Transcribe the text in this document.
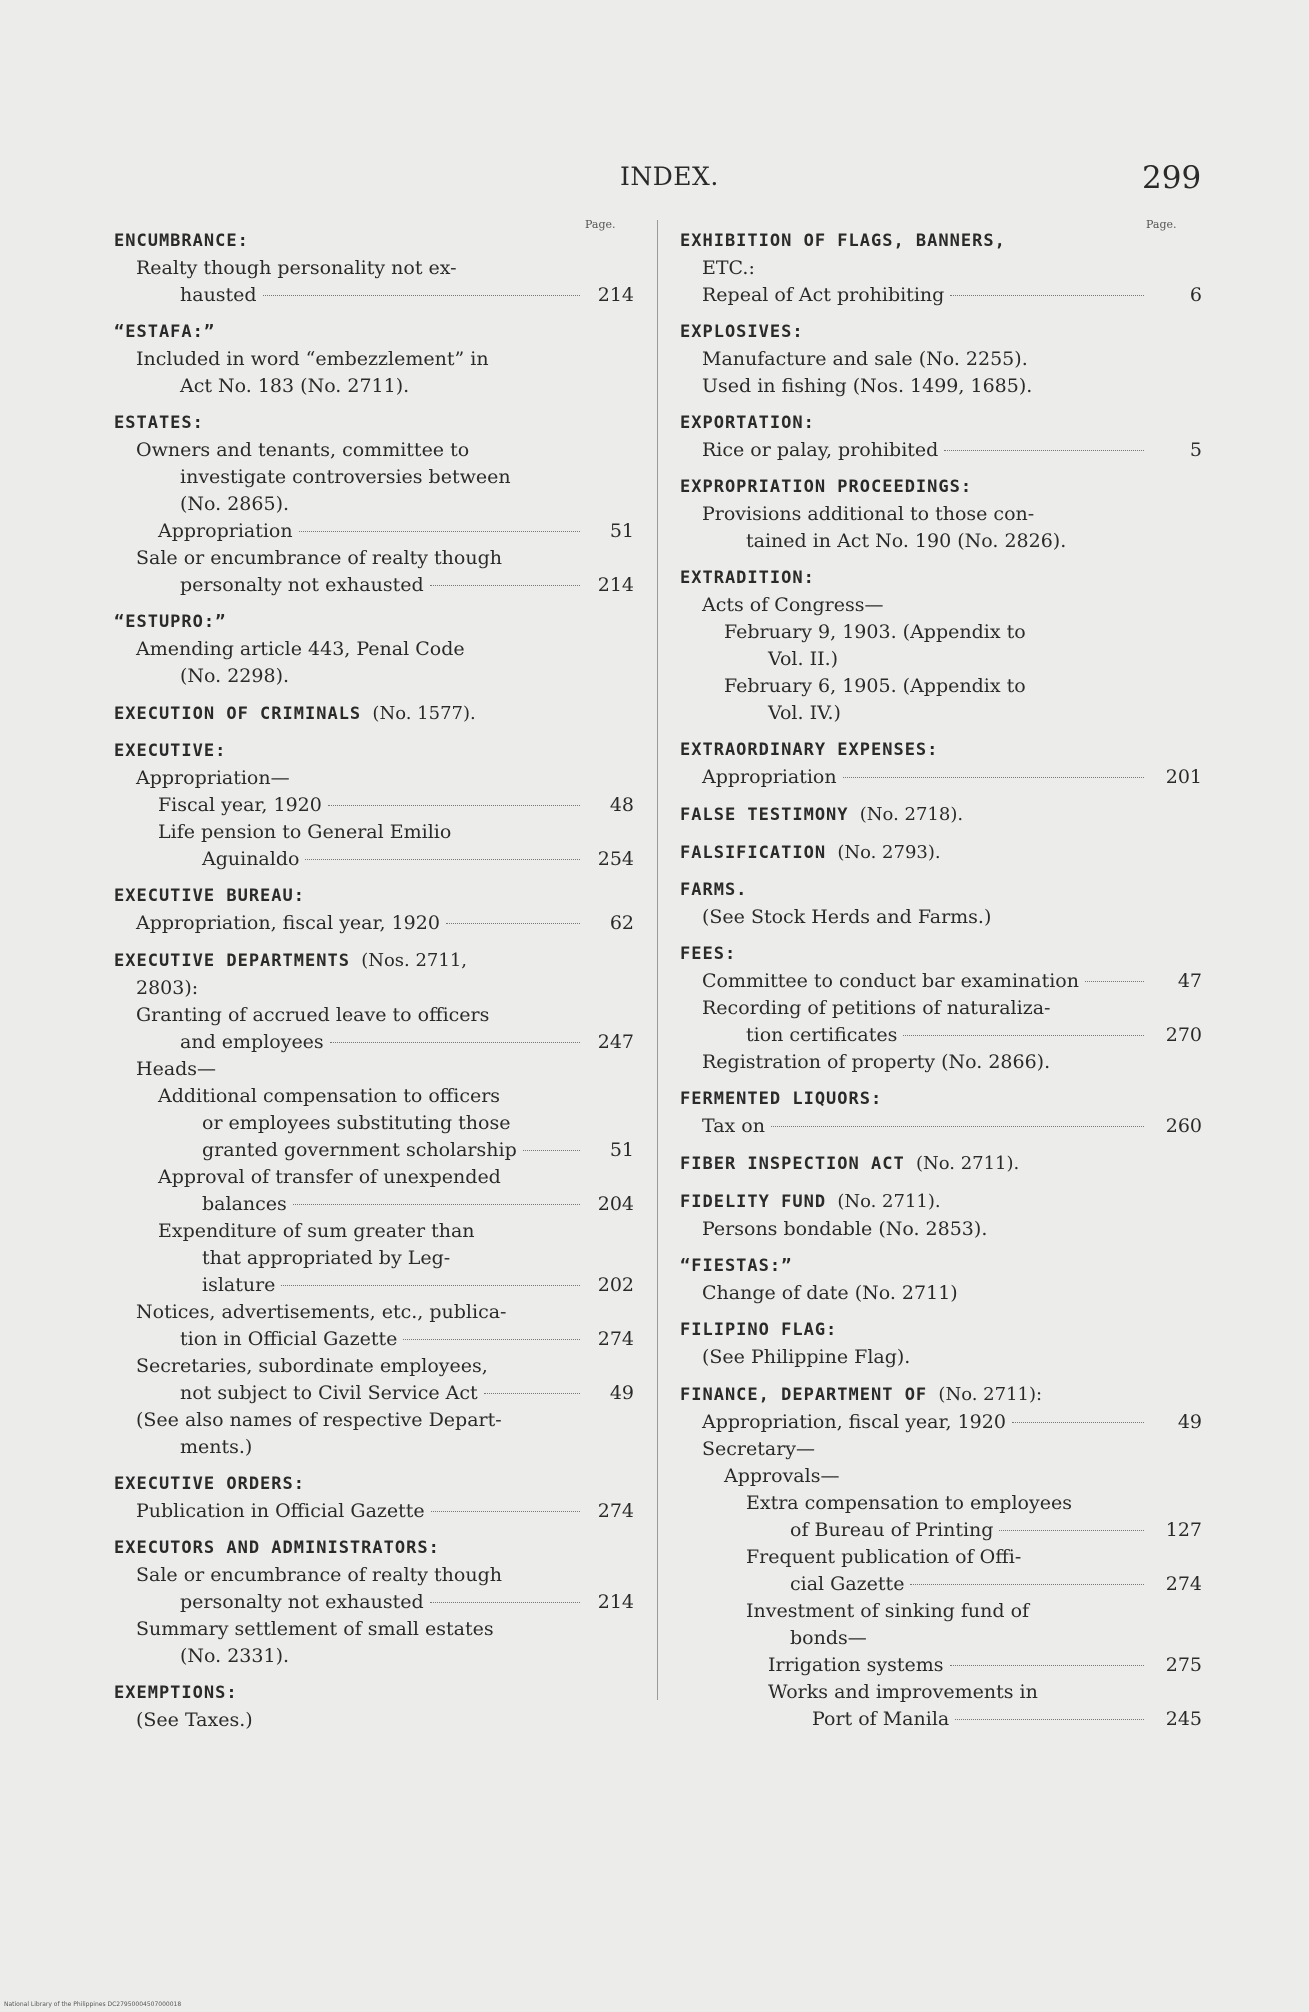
INDEX.	299
Page.	Page.
ENCUMBRANCE:
Realty though personality not ex-
hausted	214
“ESTAFA:”
Included in word “embezzlement” in
Act No. 183 (No. 2711).
ESTATES:
Owners and tenants, committee to
investigate controversies between
(No. 2865).
Appropriation	51
Sale or encumbrance of realty though
personalty not exhausted	214
“ESTUPRO:”
Amending article 443, Penal Code
(No. 2298).
EXECUTION OF CRIMINALS (No. 1577).
EXECUTIVE:
Appropriation—
Fiscal year, 1920	48
Life pension to General Emilio
Aguinaldo	254
EXECUTIVE BUREAU:
Appropriation, fiscal year, 1920	62
EXECUTIVE DEPARTMENTS (Nos. 2711,
2803):
Granting of accrued leave to officers
and employees	247
Heads—
Additional compensation to officers
or employees substituting those
granted government scholarship	51
Approval of transfer of unexpended
balances	204
Expenditure of sum greater than
that appropriated by Leg-
islature	202
Notices, advertisements, etc., publica-
tion in Official Gazette	274
Secretaries, subordinate employees,
not subject to Civil Service Act	49
(See also names of respective Depart-
ments.)
EXECUTIVE ORDERS:
Publication in Official Gazette	274
EXECUTORS AND ADMINISTRATORS:
Sale or encumbrance of realty though
personalty not exhausted	214
Summary settlement of small estates
(No. 2331).
EXEMPTIONS:
(See Taxes.)
EXHIBITION OF FLAGS, BANNERS,
ETC.:
Repeal of Act prohibiting	6
EXPLOSIVES:
Manufacture and sale (No. 2255).
Used in fishing (Nos. 1499, 1685).
EXPORTATION:
Rice or palay, prohibited	5
EXPROPRIATION PROCEEDINGS:
Provisions additional to those con-
tained in Act No. 190 (No. 2826).
EXTRADITION:
Acts of Congress—
February 9, 1903. (Appendix to
Vol. II.)
February 6, 1905. (Appendix to
Vol. IV.)
EXTRAORDINARY EXPENSES:
Appropriation	201
FALSE TESTIMONY (No. 2718).
FALSIFICATION (No. 2793).
FARMS.
(See Stock Herds and Farms.)
FEES:
Committee to conduct bar examination	47
Recording of petitions of naturaliza-
tion certificates	270
Registration of property (No. 2866).
FERMENTED LIQUORS:
Tax on	260
FIBER INSPECTION ACT (No. 2711).
FIDELITY FUND (No. 2711).
Persons bondable (No. 2853).
“FIESTAS:”
Change of date (No. 2711)
FILIPINO FLAG:
(See Philippine Flag).
FINANCE, DEPARTMENT OF (No. 2711):
Appropriation, fiscal year, 1920	49
Secretary—
Approvals—
Extra compensation to employees
of Bureau of Printing	127
Frequent publication of Offi-
cial Gazette	274
Investment of sinking fund of
bonds—
Irrigation systems	275
Works and improvements in
Port of Manila	245
National Library of the Philippines DC27950004507000018
